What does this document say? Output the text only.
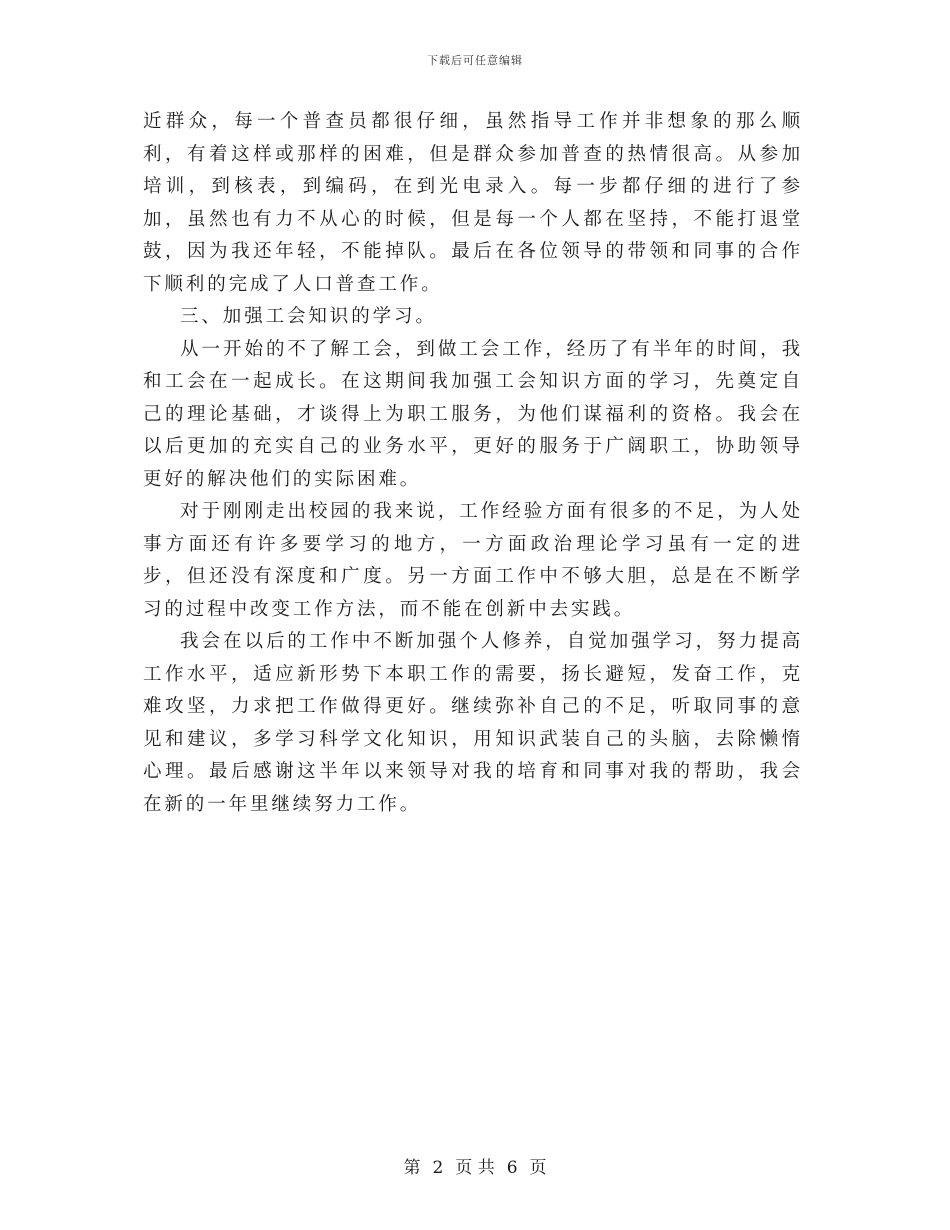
下载后可任意编辑

近群众，每一个普查员都很仔细，虽然指导工作并非想象的那么顺利，有着这样或那样的困难，但是群众参加普查的热情很高。从参加培训，到核表，到编码，在到光电录入。每一步都仔细的进行了参加，虽然也有力不从心的时候，但是每一个人都在坚持，不能打退堂鼓，因为我还年轻，不能掉队。最后在各位领导的带领和同事的合作下顺利的完成了人口普查工作。

三、加强工会知识的学习。

从一开始的不了解工会，到做工会工作，经历了有半年的时间，我和工会在一起成长。在这期间我加强工会知识方面的学习，先奠定自己的理论基础，才谈得上为职工服务，为他们谋福利的资格。我会在以后更加的充实自己的业务水平，更好的服务于广阔职工，协助领导更好的解决他们的实际困难。

对于刚刚走出校园的我来说，工作经验方面有很多的不足，为人处事方面还有许多要学习的地方，一方面政治理论学习虽有一定的进步，但还没有深度和广度。另一方面工作中不够大胆，总是在不断学习的过程中改变工作方法，而不能在创新中去实践。

我会在以后的工作中不断加强个人修养，自觉加强学习，努力提高工作水平，适应新形势下本职工作的需要，扬长避短，发奋工作，克难攻坚，力求把工作做得更好。继续弥补自己的不足，听取同事的意见和建议，多学习科学文化知识，用知识武装自己的头脑，去除懒惰心理。最后感谢这半年以来领导对我的培育和同事对我的帮助，我会在新的一年里继续努力工作。

第 2 页 共 6 页
